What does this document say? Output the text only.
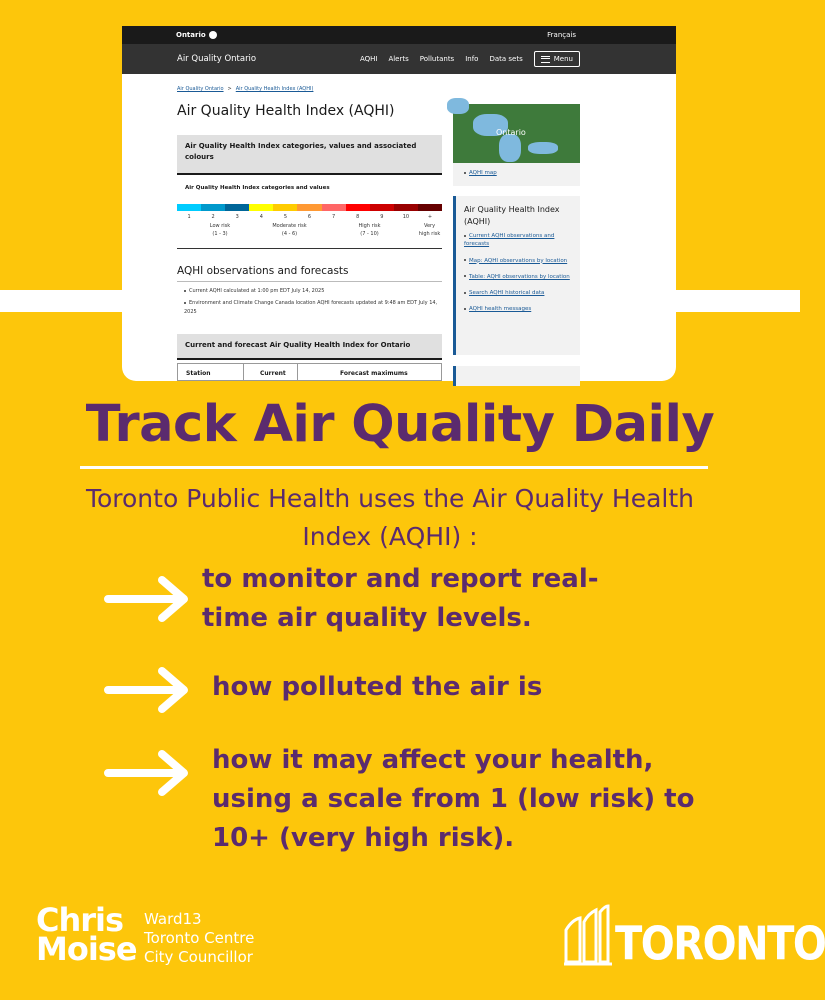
Ontario	Français
Air Quality Ontario	AQHI Alerts Pollutants Info Data sets	Menu
Air Quality Ontario > Air Quality Health Index (AQHI)
Air Quality Health Index (AQHI)
Air Quality Health Index categories, values and associated colours
Air Quality Health Index categories and values
1	2	3	4	5	6	7	8	9	10	+
Low risk
(1 - 3)
Moderate risk
(4 - 6)
High risk
(7 - 10)
Very
high risk
AQHI observations and forecasts
Current AQHI calculated at 1:00 pm EDT July 14, 2025
Environment and Climate Change Canada location AQHI forecasts updated at 9:48 am EDT July 14, 2025
Current and forecast Air Quality Health Index for Ontario
Station	Current	Forecast maximums
Ontario
AQHI map
Air Quality Health Index (AQHI)
Current AQHI observations and forecasts
Map: AQHI observations by location
Table: AQHI observations by location
Search AQHI historical data
AQHI health messages
Track Air Quality Daily
Toronto Public Health uses the Air Quality Health Index (AQHI) :
to monitor and report real-time air quality levels.
how polluted the air is
how it may affect your health, using a scale from 1 (low risk) to 10+ (very high risk).
Chris
Moise
Ward13
Toronto Centre
City Councillor	TORONTO
